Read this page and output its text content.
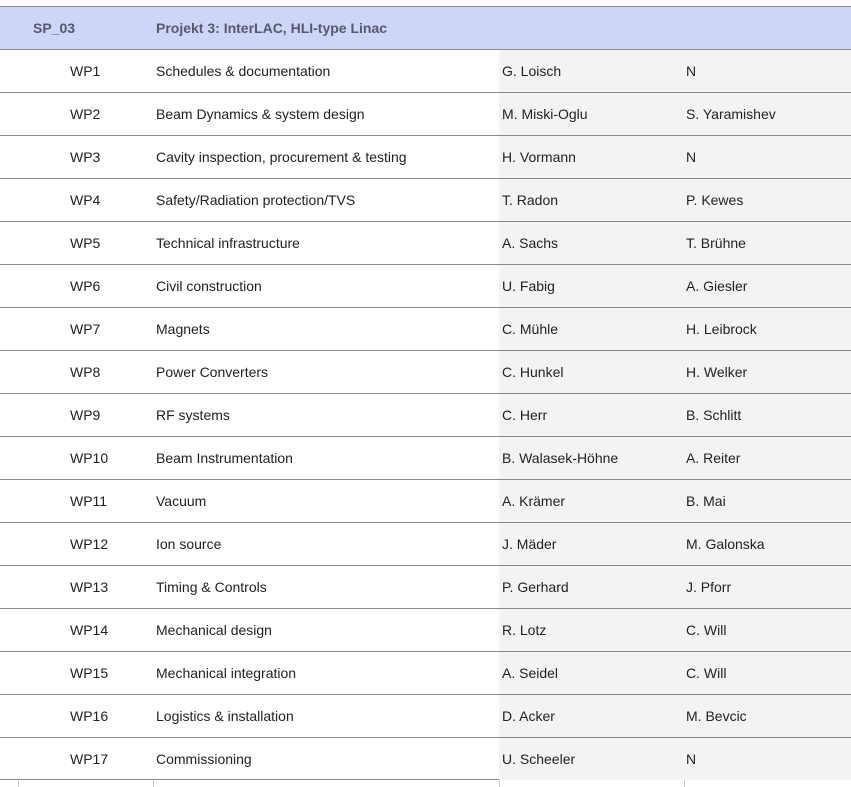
SP_03	Projekt 3: InterLAC, HLI-type Linac
WP1	Schedules & documentation	G. Loisch	N
WP2	Beam Dynamics & system design	M. Miski-Oglu	S. Yaramishev
WP3	Cavity inspection, procurement & testing	H. Vormann	N
WP4	Safety/Radiation protection/TVS	T. Radon	P. Kewes
WP5	Technical infrastructure	A. Sachs	T. Brühne
WP6	Civil construction	U. Fabig	A. Giesler
WP7	Magnets	C. Mühle	H. Leibrock
WP8	Power Converters	C. Hunkel	H. Welker
WP9	RF systems	C. Herr	B. Schlitt
WP10	Beam Instrumentation	B. Walasek-Höhne	A. Reiter
WP11	Vacuum	A. Krämer	B. Mai
WP12	Ion source	J. Mäder	M. Galonska
WP13	Timing & Controls	P. Gerhard	J. Pforr
WP14	Mechanical design	R. Lotz	C. Will
WP15	Mechanical integration	A. Seidel	C. Will
WP16	Logistics & installation	D. Acker	M. Bevcic
WP17	Commissioning	U. Scheeler	N
